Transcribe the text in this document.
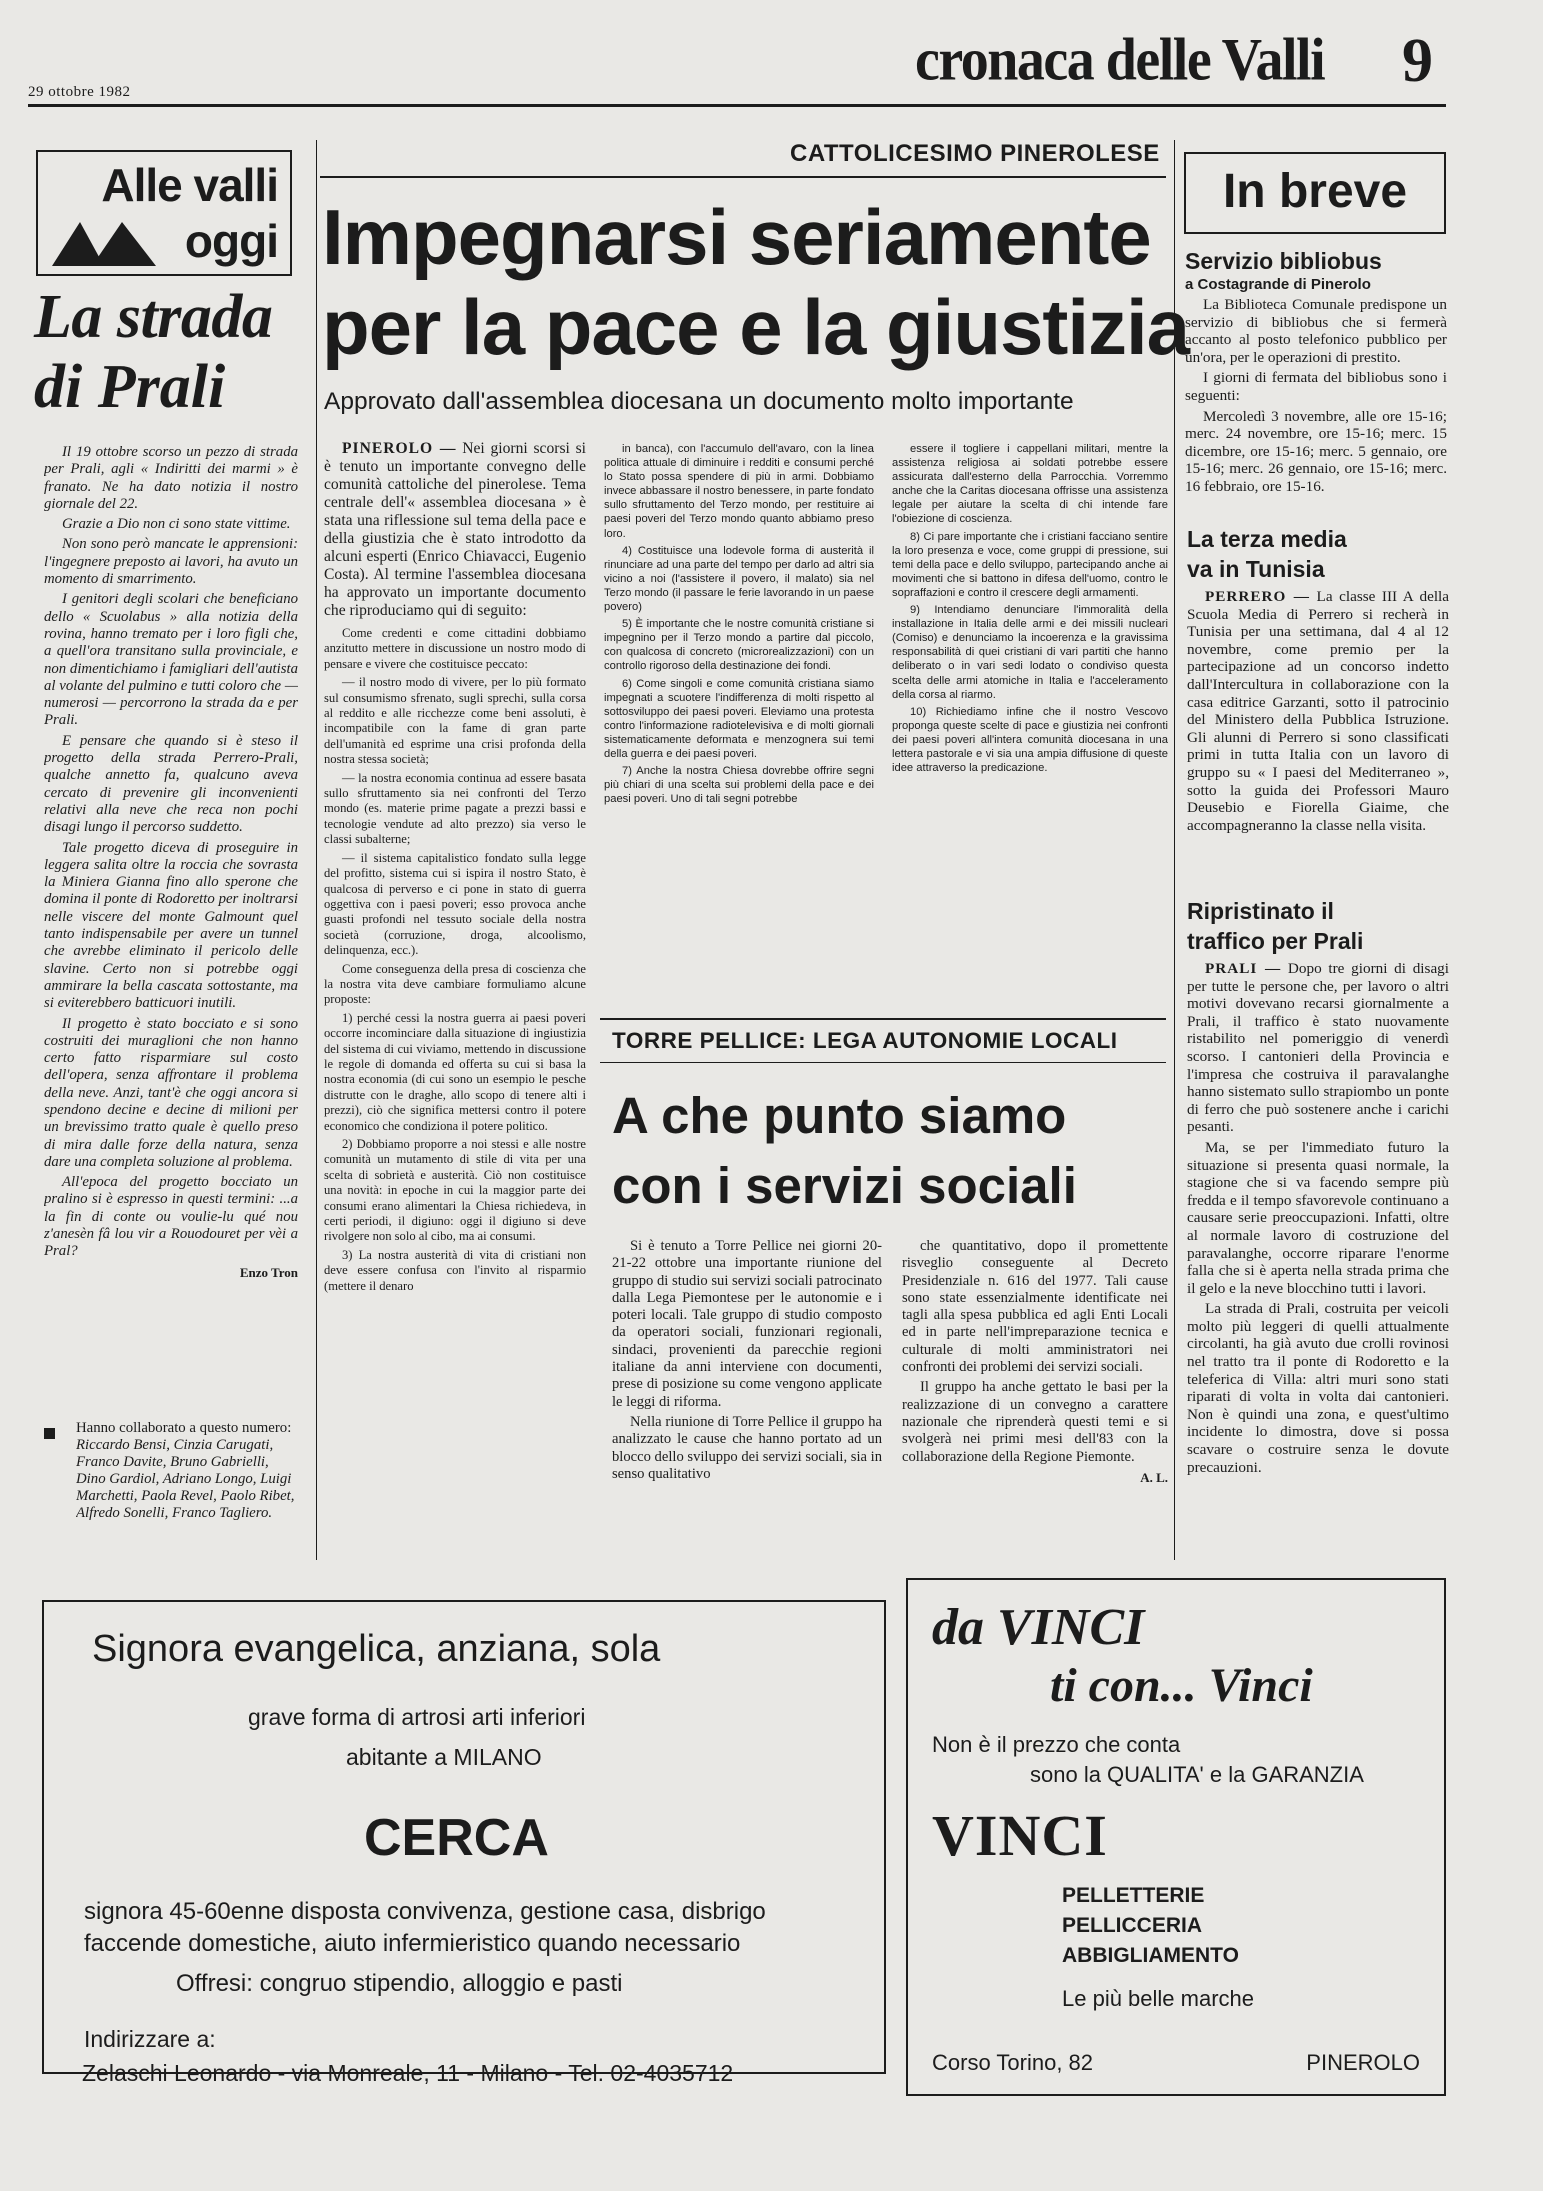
29 ottobre 1982	cronaca delle Valli 9
Alle valli
oggi
La strada
di Prali

Il 19 ottobre scorso un pezzo di strada per Prali, agli « Indiritti dei marmi » è franato. Ne ha dato notizia il nostro giornale del 22.

Grazie a Dio non ci sono state vittime.

Non sono però mancate le apprensioni: l'ingegnere preposto ai lavori, ha avuto un momento di smarrimento.

I genitori degli scolari che beneficiano dello « Scuolabus » alla notizia della rovina, hanno tremato per i loro figli che, a quell'ora transitano sulla provinciale, e non dimentichiamo i famigliari dell'autista al volante del pulmino e tutti coloro che — numerosi — percorrono la strada da e per Prali.

E pensare che quando si è steso il progetto della strada Perrero-Prali, qualche annetto fa, qualcuno aveva cercato di prevenire gli inconvenienti relativi alla neve che reca non pochi disagi lungo il percorso suddetto.

Tale progetto diceva di proseguire in leggera salita oltre la roccia che sovrasta la Miniera Gianna fino allo sperone che domina il ponte di Rodoretto per inoltrarsi nelle viscere del monte Galmount quel tanto indispensabile per avere un tunnel che avrebbe eliminato il pericolo delle slavine. Certo non si potrebbe oggi ammirare la bella cascata sottostante, ma si eviterebbero batticuori inutili.

Il progetto è stato bocciato e si sono costruiti dei muraglioni che non hanno certo fatto risparmiare sul costo dell'opera, senza affrontare il problema della neve. Anzi, tant'è che oggi ancora si spendono decine e decine di milioni per un brevissimo tratto quale è quello preso di mira dalle forze della natura, senza dare una completa soluzione al problema.

All'epoca del progetto bocciato un pralino si è espresso in questi termini: ...a la fin di conte ou voulie-lu qué nou z'anesèn fâ lou vir a Rouodouret per vèi a Pral?

Enzo Tron
Hanno collaborato a questo numero: Riccardo Bensi, Cinzia Carugati, Franco Davite, Bruno Gabrielli, Dino Gardiol, Adriano Longo, Luigi Marchetti, Paola Revel, Paolo Ribet, Alfredo Sonelli, Franco Tagliero.
CATTOLICESIMO PINEROLESE
Impegnarsi seriamente
per la pace e la giustizia
Approvato dall'assemblea diocesana un documento molto importante
PINEROLO — Nei giorni scorsi si è tenuto un importante convegno delle comunità cattoliche del pinerolese. Tema centrale dell'« assemblea diocesana » è stata una riflessione sul tema della pace e della giustizia che è stato introdotto da alcuni esperti (Enrico Chiavacci, Eugenio Costa). Al termine l'assemblea diocesana ha approvato un importante documento che riproduciamo qui di seguito:

Come credenti e come cittadini dobbiamo anzitutto mettere in discussione un nostro modo di pensare e vivere che costituisce peccato:

— il nostro modo di vivere, per lo più formato sul consumismo sfrenato, sugli sprechi, sulla corsa al reddito e alle ricchezze come beni assoluti, è incompatibile con la fame di gran parte dell'umanità ed esprime una crisi profonda della nostra stessa società;

— la nostra economia continua ad essere basata sullo sfruttamento sia nei confronti del Terzo mondo (es. materie prime pagate a prezzi bassi e tecnologie vendute ad alto prezzo) sia verso le classi subalterne;

— il sistema capitalistico fondato sulla legge del profitto, sistema cui si ispira il nostro Stato, è qualcosa di perverso e ci pone in stato di guerra oggettiva con i paesi poveri; esso provoca anche guasti profondi nel tessuto sociale della nostra società (corruzione, droga, alcoolismo, delinquenza, ecc.).

Come conseguenza della presa di coscienza che la nostra vita deve cambiare formuliamo alcune proposte:

1) perché cessi la nostra guerra ai paesi poveri occorre incominciare dalla situazione di ingiustizia del sistema di cui viviamo, mettendo in discussione le regole di domanda ed offerta su cui si basa la nostra economia (di cui sono un esempio le pesche distrutte con le draghe, allo scopo di tenere alti i prezzi), ciò che significa mettersi contro il potere economico che condiziona il potere politico.

2) Dobbiamo proporre a noi stessi e alle nostre comunità un mutamento di stile di vita per una scelta di sobrietà e austerità. Ciò non costituisce una novità: in epoche in cui la maggior parte dei consumi erano alimentari la Chiesa richiedeva, in certi periodi, il digiuno: oggi il digiuno si deve rivolgere non solo al cibo, ma ai consumi.

3) La nostra austerità di vita di cristiani non deve essere confusa con l'invito al risparmio (mettere il denaro

in banca), con l'accumulo dell'avaro, con la linea politica attuale di diminuire i redditi e consumi perché lo Stato possa spendere di più in armi. Dobbiamo invece abbassare il nostro benessere, in parte fondato sullo sfruttamento del Terzo mondo, per restituire ai paesi poveri del Terzo mondo quanto abbiamo preso loro.

4) Costituisce una lodevole forma di austerità il rinunciare ad una parte del tempo per darlo ad altri sia vicino a noi (l'assistere il povero, il malato) sia nel Terzo mondo (il passare le ferie lavorando in un paese povero)

5) È importante che le nostre comunità cristiane si impegnino per il Terzo mondo a partire dal piccolo, con qualcosa di concreto (microrealizzazioni) con un controllo rigoroso della destinazione dei fondi.

6) Come singoli e come comunità cristiana siamo impegnati a scuotere l'indifferenza di molti rispetto al sottosviluppo dei paesi poveri. Eleviamo una protesta contro l'informazione radiotelevisiva e di molti giornali sistematicamente deformata e menzognera sui temi della guerra e dei paesi poveri.

7) Anche la nostra Chiesa dovrebbe offrire segni più chiari di una scelta sui problemi della pace e dei paesi poveri. Uno di tali segni potrebbe

essere il togliere i cappellani militari, mentre la assistenza religiosa ai soldati potrebbe essere assicurata dall'esterno della Parrocchia. Vorremmo anche che la Caritas diocesana offrisse una assistenza legale per aiutare la scelta di chi intende fare l'obiezione di coscienza.

8) Ci pare importante che i cristiani facciano sentire la loro presenza e voce, come gruppi di pressione, sui temi della pace e dello sviluppo, partecipando anche ai movimenti che si battono in difesa dell'uomo, contro le sopraffazioni e contro il crescere degli armamenti.

9) Intendiamo denunciare l'immoralità della installazione in Italia delle armi e dei missili nucleari (Comiso) e denunciamo la incoerenza e la gravissima responsabilità di quei cristiani di vari partiti che hanno deliberato o in vari sedi lodato o condiviso questa scelta delle armi atomiche in Italia e l'acceleramento della corsa al riarmo.

10) Richiediamo infine che il nostro Vescovo proponga queste scelte di pace e giustizia nei confronti dei paesi poveri all'intera comunità diocesana in una lettera pastorale e vi sia una ampia diffusione di queste idee attraverso la predicazione.

TORRE PELLICE: LEGA AUTONOMIE LOCALI
A che punto siamo
con i servizi sociali

Si è tenuto a Torre Pellice nei giorni 20-21-22 ottobre una importante riunione del gruppo di studio sui servizi sociali patrocinato dalla Lega Piemontese per le autonomie e i poteri locali. Tale gruppo di studio composto da operatori sociali, funzionari regionali, sindaci, provenienti da parecchie regioni italiane da anni interviene con documenti, prese di posizione su come vengono applicate le leggi di riforma.

Nella riunione di Torre Pellice il gruppo ha analizzato le cause che hanno portato ad un blocco dello sviluppo dei servizi sociali, sia in senso qualitativo

che quantitativo, dopo il promettente risveglio conseguente al Decreto Presidenziale n. 616 del 1977. Tali cause sono state essenzialmente identificate nei tagli alla spesa pubblica ed agli Enti Locali ed in parte nell'impreparazione tecnica e culturale di molti amministratori nei confronti dei problemi dei servizi sociali.

Il gruppo ha anche gettato le basi per la realizzazione di un convegno a carattere nazionale che riprenderà questi temi e si svolgerà nei primi mesi dell'83 con la collaborazione della Regione Piemonte.

A. L.
In breve
Servizio bibliobus
a Costagrande di Pinerolo

La Biblioteca Comunale predispone un servizio di bibliobus che si fermerà accanto al posto telefonico pubblico per un'ora, per le operazioni di prestito.

I giorni di fermata del bibliobus sono i seguenti:

Mercoledì 3 novembre, alle ore 15-16; merc. 24 novembre, ore 15-16; merc. 15 dicembre, ore 15-16; merc. 5 gennaio, ore 15-16; merc. 26 gennaio, ore 15-16; merc. 16 febbraio, ore 15-16.

La terza media
va in Tunisia

PERRERO — La classe III A della Scuola Media di Perrero si recherà in Tunisia per una settimana, dal 4 al 12 novembre, come premio per la partecipazione ad un concorso indetto dall'Intercultura in collaborazione con la casa editrice Garzanti, sotto il patrocinio del Ministero della Pubblica Istruzione. Gli alunni di Perrero si sono classificati primi in tutta Italia con un lavoro di gruppo su « I paesi del Mediterraneo », sotto la guida dei Professori Mauro Deusebio e Fiorella Giaime, che accompagneranno la classe nella visita.

Ripristinato il
traffico per Prali

PRALI — Dopo tre giorni di disagi per tutte le persone che, per lavoro o altri motivi dovevano recarsi giornalmente a Prali, il traffico è stato nuovamente ristabilito nel pomeriggio di venerdì scorso. I cantonieri della Provincia e l'impresa che costruiva il paravalanghe hanno sistemato sullo strapiombo un ponte di ferro che può sostenere anche i carichi pesanti.

Ma, se per l'immediato futuro la situazione si presenta quasi normale, la stagione che si va facendo sempre più fredda e il tempo sfavorevole continuano a causare serie preoccupazioni. Infatti, oltre al normale lavoro di costruzione del paravalanghe, occorre riparare l'enorme falla che si è aperta nella strada prima che il gelo e la neve blocchino tutti i lavori.

La strada di Prali, costruita per veicoli molto più leggeri di quelli attualmente circolanti, ha già avuto due crolli rovinosi nel tratto tra il ponte di Rodoretto e la teleferica di Villa: altri muri sono stati riparati di volta in volta dai cantonieri. Non è quindi una zona, e quest'ultimo incidente lo dimostra, dove si possa scavare o costruire senza le dovute precauzioni.

Signora evangelica, anziana, sola
grave forma di artrosi arti inferiori
abitante a MILANO
CERCA
signora 45-60enne disposta convivenza, gestione casa, disbrigo
faccende domestiche, aiuto infermieristico quando necessario
Offresi: congruo stipendio, alloggio e pasti
Indirizzare a:
Zelaschi Leonardo - via Monreale, 11 - Milano - Tel. 02-4035712
da VINCI
ti con... Vinci
Non è il prezzo che conta
sono la QUALITA' e la GARANZIA
VINCI
PELLETTERIE
PELLICCERIA
ABBIGLIAMENTO
Le più belle marche
Corso Torino, 82	PINEROLO
